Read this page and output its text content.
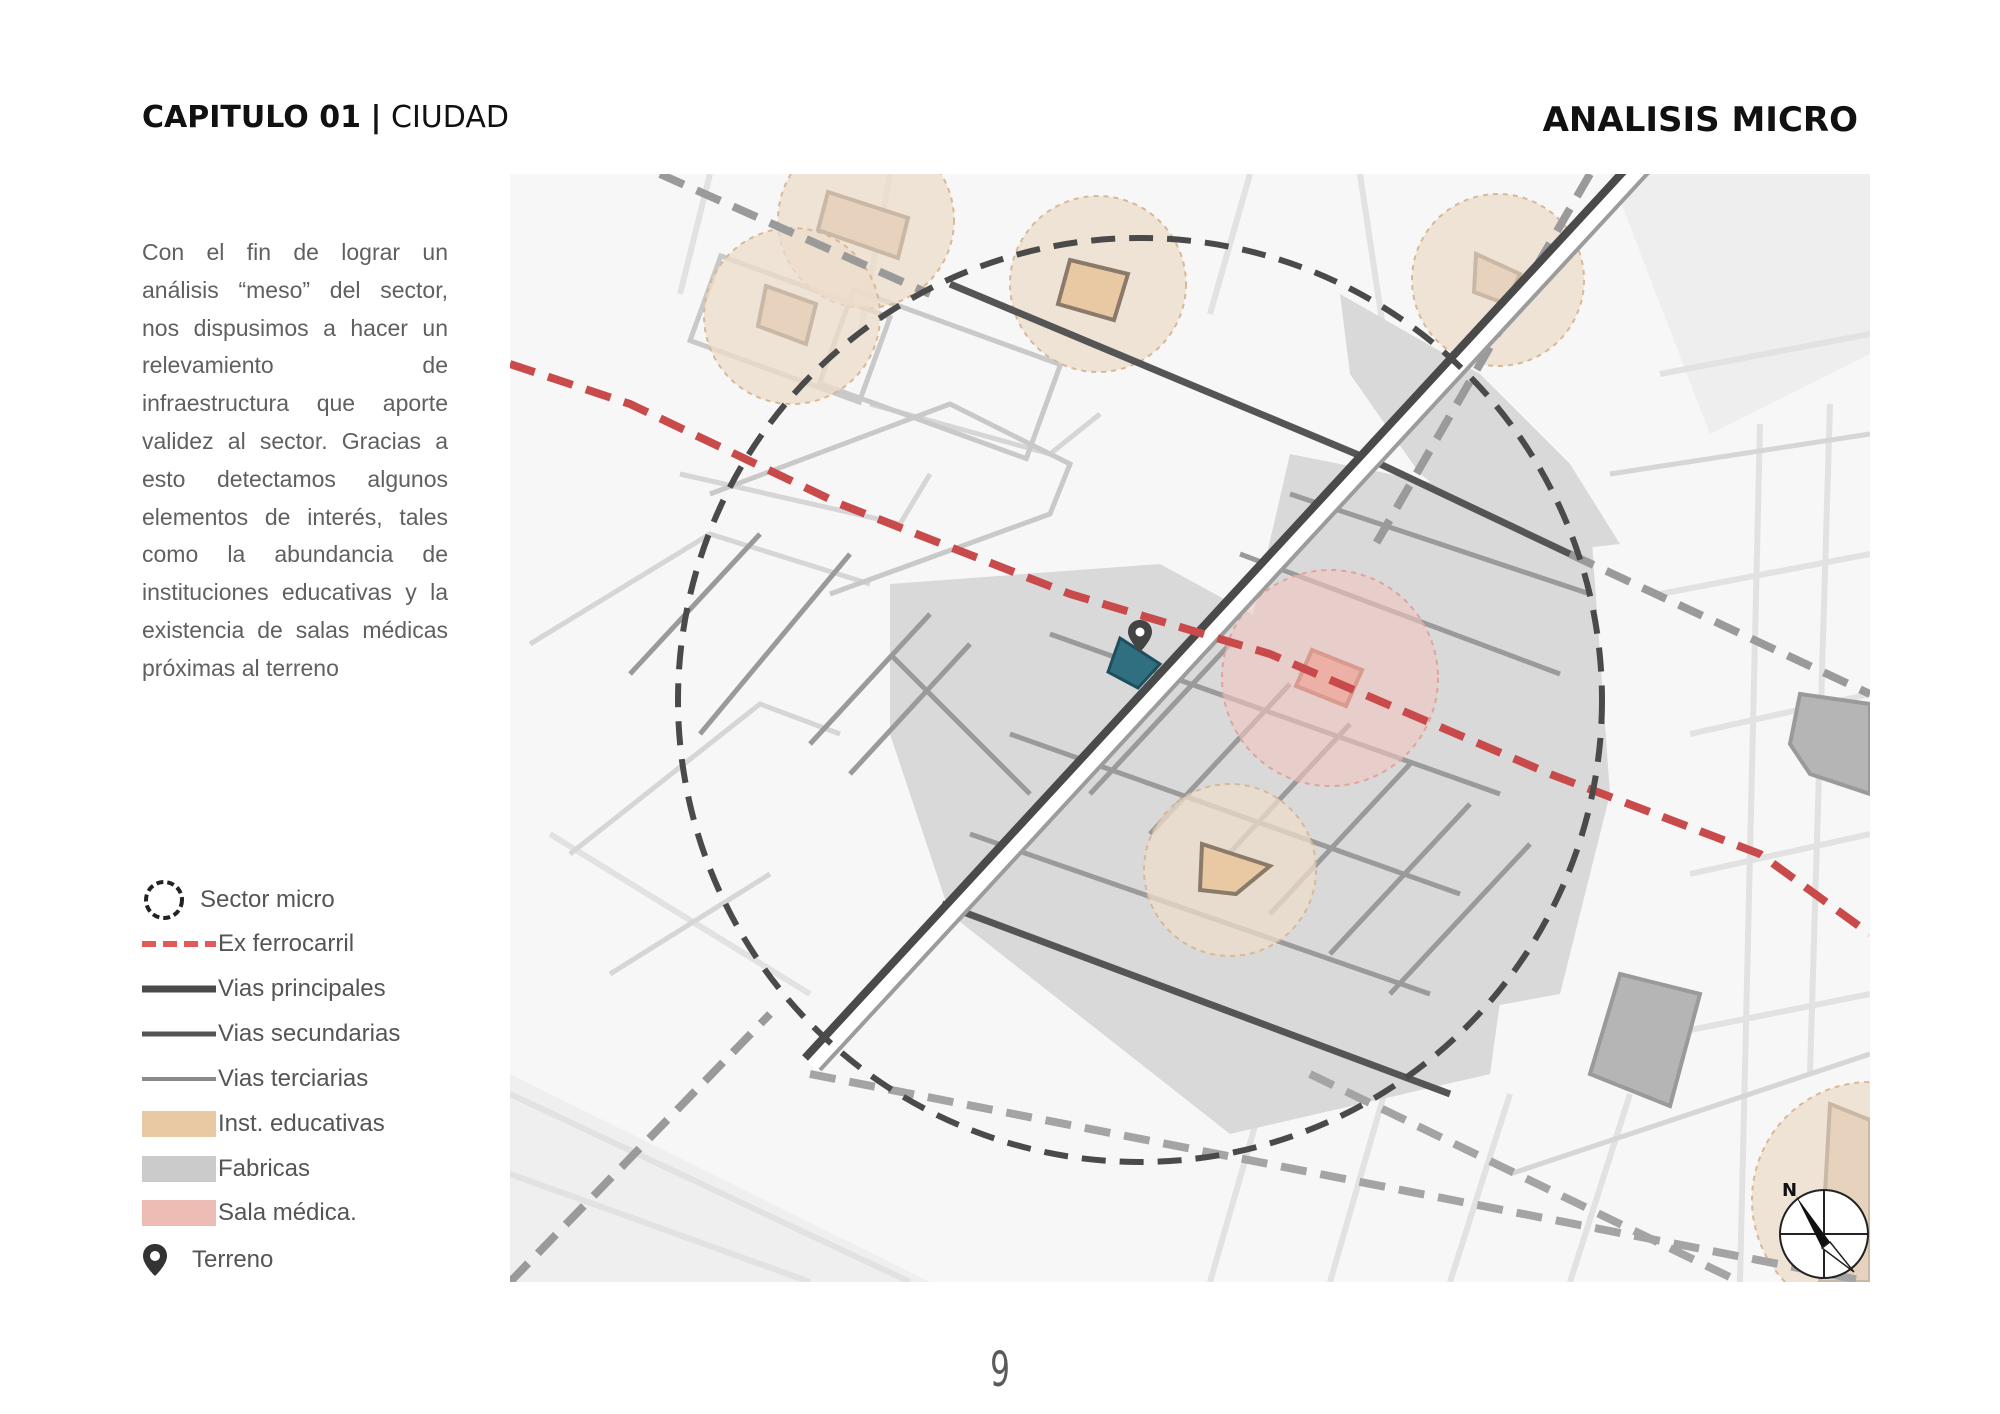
CAPITULO 01 | CIUDAD	ANALISIS MICRO

Con el fin de lograr un análisis “meso” del sector, nos dispusimos a hacer un relevamiento de infraestructura que aporte validez al sector. Gracias a esto detectamos algunos elementos de interés, tales como la abundancia de instituciones educativas y la existencia de salas médicas próximas al terreno

N
Sector micro
Ex ferrocarril
Vias principales
Vias secundarias
Vias terciarias
Inst. educativas
Fabricas
Sala médica.
Terreno
9
